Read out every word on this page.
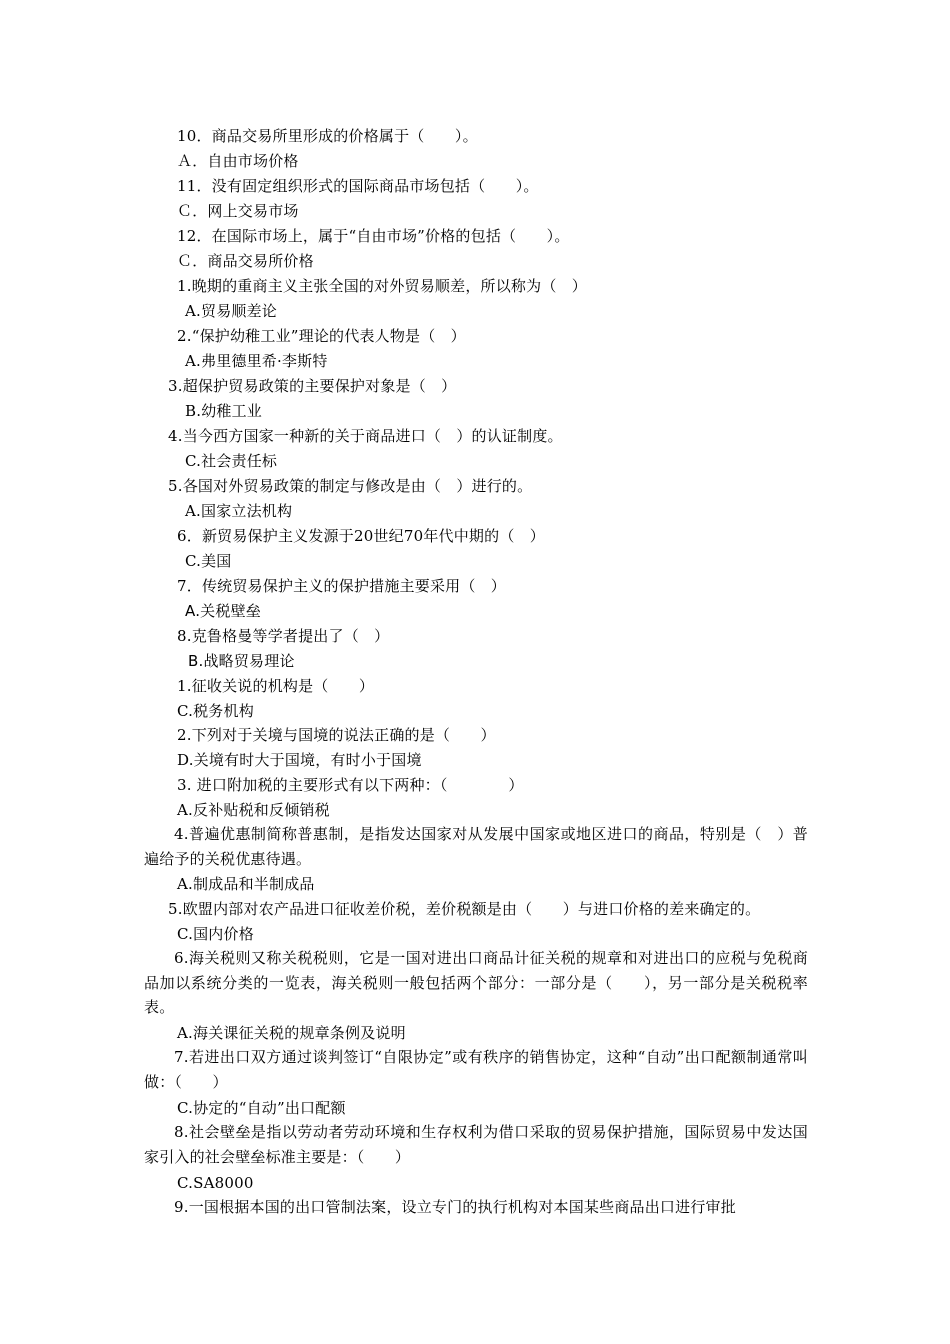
10．商品交易所里形成的价格属于（　　）。
Ａ．自由市场价格
11．没有固定组织形式的国际商品市场包括（　　）。
Ｃ．网上交易市场
12．在国际市场上，属于“自由市场”价格的包括（　　）。
Ｃ．商品交易所价格
1.晚期的重商主义主张全国的对外贸易顺差，所以称为（　）
A.贸易顺差论
2.“保护幼稚工业”理论的代表人物是（　）
A.弗里德里希·李斯特
3.超保护贸易政策的主要保护对象是（　）
B.幼稚工业
4.当今西方国家一种新的关于商品进口（　）的认证制度。
C.社会责任标
5.各国对外贸易政策的制定与修改是由（　）进行的。
A.国家立法机构
6．新贸易保护主义发源于20世纪70年代中期的（　）
C.美国
7．传统贸易保护主义的保护措施主要采用（　）
A.关税壁垒
8.克鲁格曼等学者提出了（　）
B.战略贸易理论
1.征收关说的机构是（　　）
C.税务机构
2.下列对于关境与国境的说法正确的是（　　）
D.关境有时大于国境，有时小于国境
3. 进口附加税的主要形式有以下两种：（　　　　）
A.反补贴税和反倾销税
4.普遍优惠制简称普惠制，是指发达国家对从发展中国家或地区进口的商品，特别是（　）普遍给予的关税优惠待遇。
A.制成品和半制成品
5.欧盟内部对农产品进口征收差价税，差价税额是由（　　）与进口价格的差来确定的。
C.国内价格
6.海关税则又称关税税则，它是一国对进出口商品计征关税的规章和对进出口的应税与免税商品加以系统分类的一览表，海关税则一般包括两个部分：一部分是（　　），另一部分是关税税率表。
A.海关课征关税的规章条例及说明
7.若进出口双方通过谈判签订“自限协定”或有秩序的销售协定，这种“自动”出口配额制通常叫做：（　　）
C.协定的“自动”出口配额
8.社会壁垒是指以劳动者劳动环境和生存权利为借口采取的贸易保护措施，国际贸易中发达国家引入的社会壁垒标准主要是：（　　）
C.SA8000
9.一国根据本国的出口管制法案，设立专门的执行机构对本国某些商品出口进行审批
